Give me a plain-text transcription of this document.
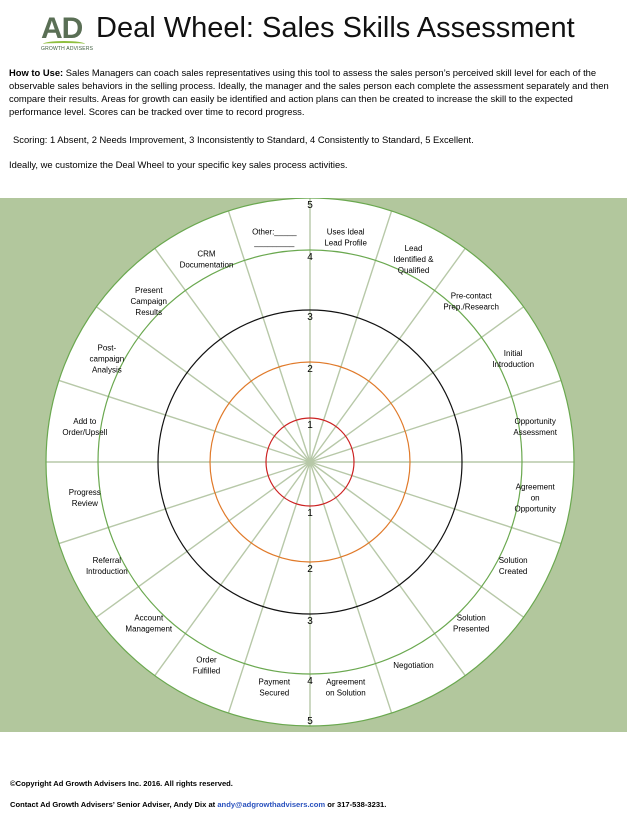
AD
GROWTH ADVISERS
Deal Wheel: Sales Skills Assessment
How to Use: Sales Managers can coach sales representatives using this tool to assess the sales person’s perceived skill level for each of the observable sales behaviors in the selling process. Ideally, the manager and the sales person each complete the assessment separately and then compare their results. Areas for growth can easily be identified and action plans can then be created to increase the skill to the expected performance level. Scores can be tracked over time to record progress.
Scoring: 1 Absent, 2 Needs Improvement, 3 Inconsistently to Standard, 4 Consistently to Standard, 5 Excellent.
Ideally, we customize the Deal Wheel to your specific key sales process activities.
1
1
2
2
3
3
4
4
5
5
Uses Ideal Lead Profile
Lead Identified & Qualified
Pre-contact Prep./Research
Initial Introduction
Opportunity Assessment
Agreement on Opportunity
Solution Created
Solution Presented
Negotiation
Agreement on Solution
Payment Secured
Order Fulfilled
Account Management
Referral Introduction
Progress Review
Add to Order/Upsell
Post-campaign Analysis
Present Campaign Results
CRM Documentation
Other:_____ _________
©Copyright Ad Growth Advisers Inc. 2016. All rights reserved.
Contact Ad Growth Advisers’ Senior Adviser, Andy Dix at andy@adgrowthadvisers.com or 317-538-3231.
